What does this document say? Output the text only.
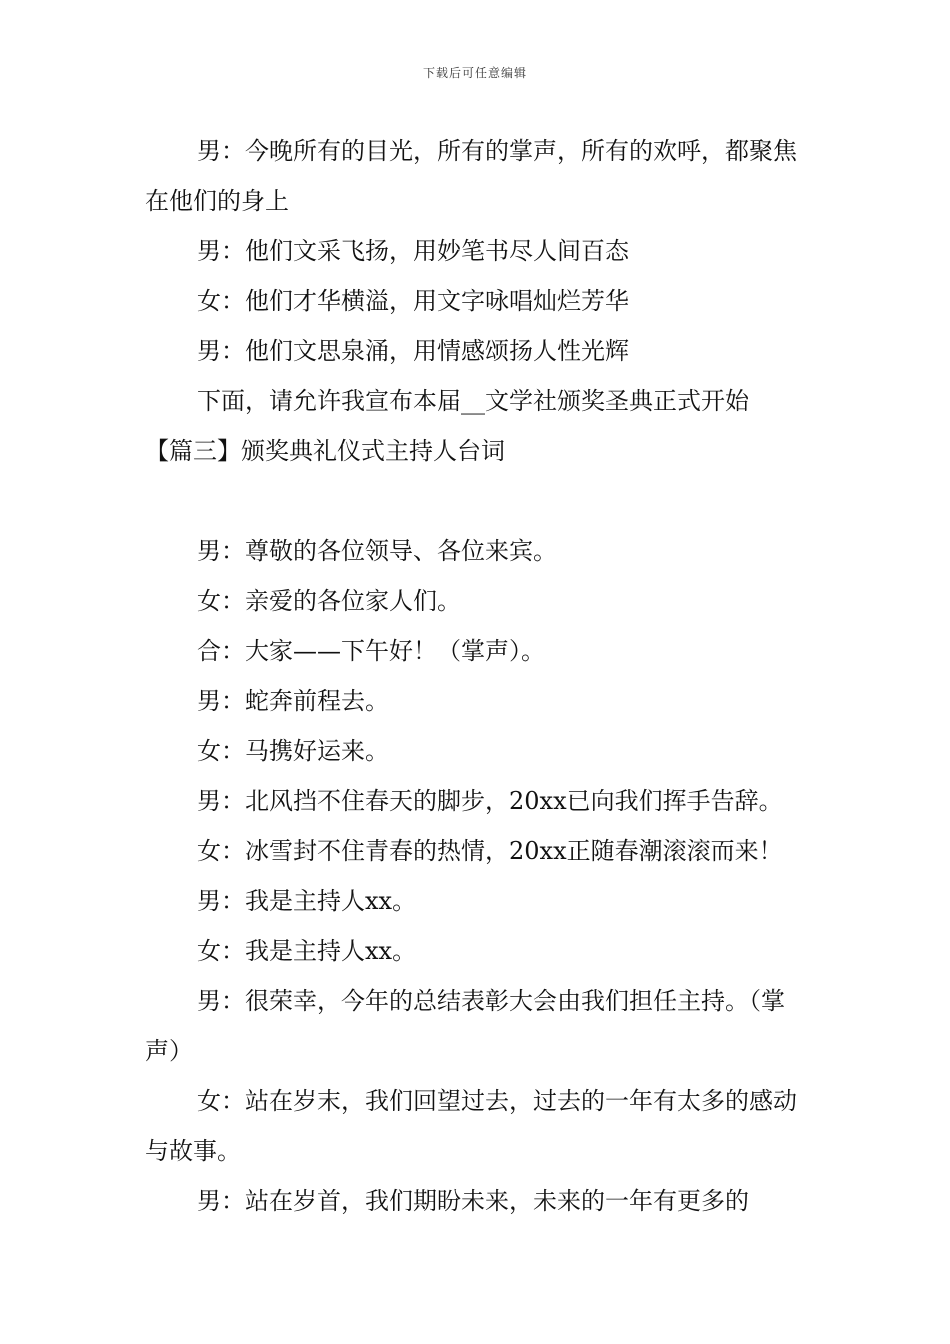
下载后可任意编辑

男：今晚所有的目光，所有的掌声，所有的欢呼，都聚焦在他们的身上

男：他们文采飞扬，用妙笔书尽人间百态

女：他们才华横溢，用文字咏唱灿烂芳华

男：他们文思泉涌，用情感颂扬人性光辉

下面，请允许我宣布本届__文学社颁奖圣典正式开始

【篇三】颁奖典礼仪式主持人台词

男：尊敬的各位领导、各位来宾。

女：亲爱的各位家人们。

合：大家——下午好！（掌声）。

男：蛇奔前程去。

女：马携好运来。

男：北风挡不住春天的脚步，20xx已向我们挥手告辞。

女：冰雪封不住青春的热情，20xx正随春潮滚滚而来！

男：我是主持人xx。

女：我是主持人xx。

男：很荣幸，今年的总结表彰大会由我们担任主持。（掌声）

女：站在岁末，我们回望过去，过去的一年有太多的感动与故事。

男：站在岁首，我们期盼未来，未来的一年有更多的
